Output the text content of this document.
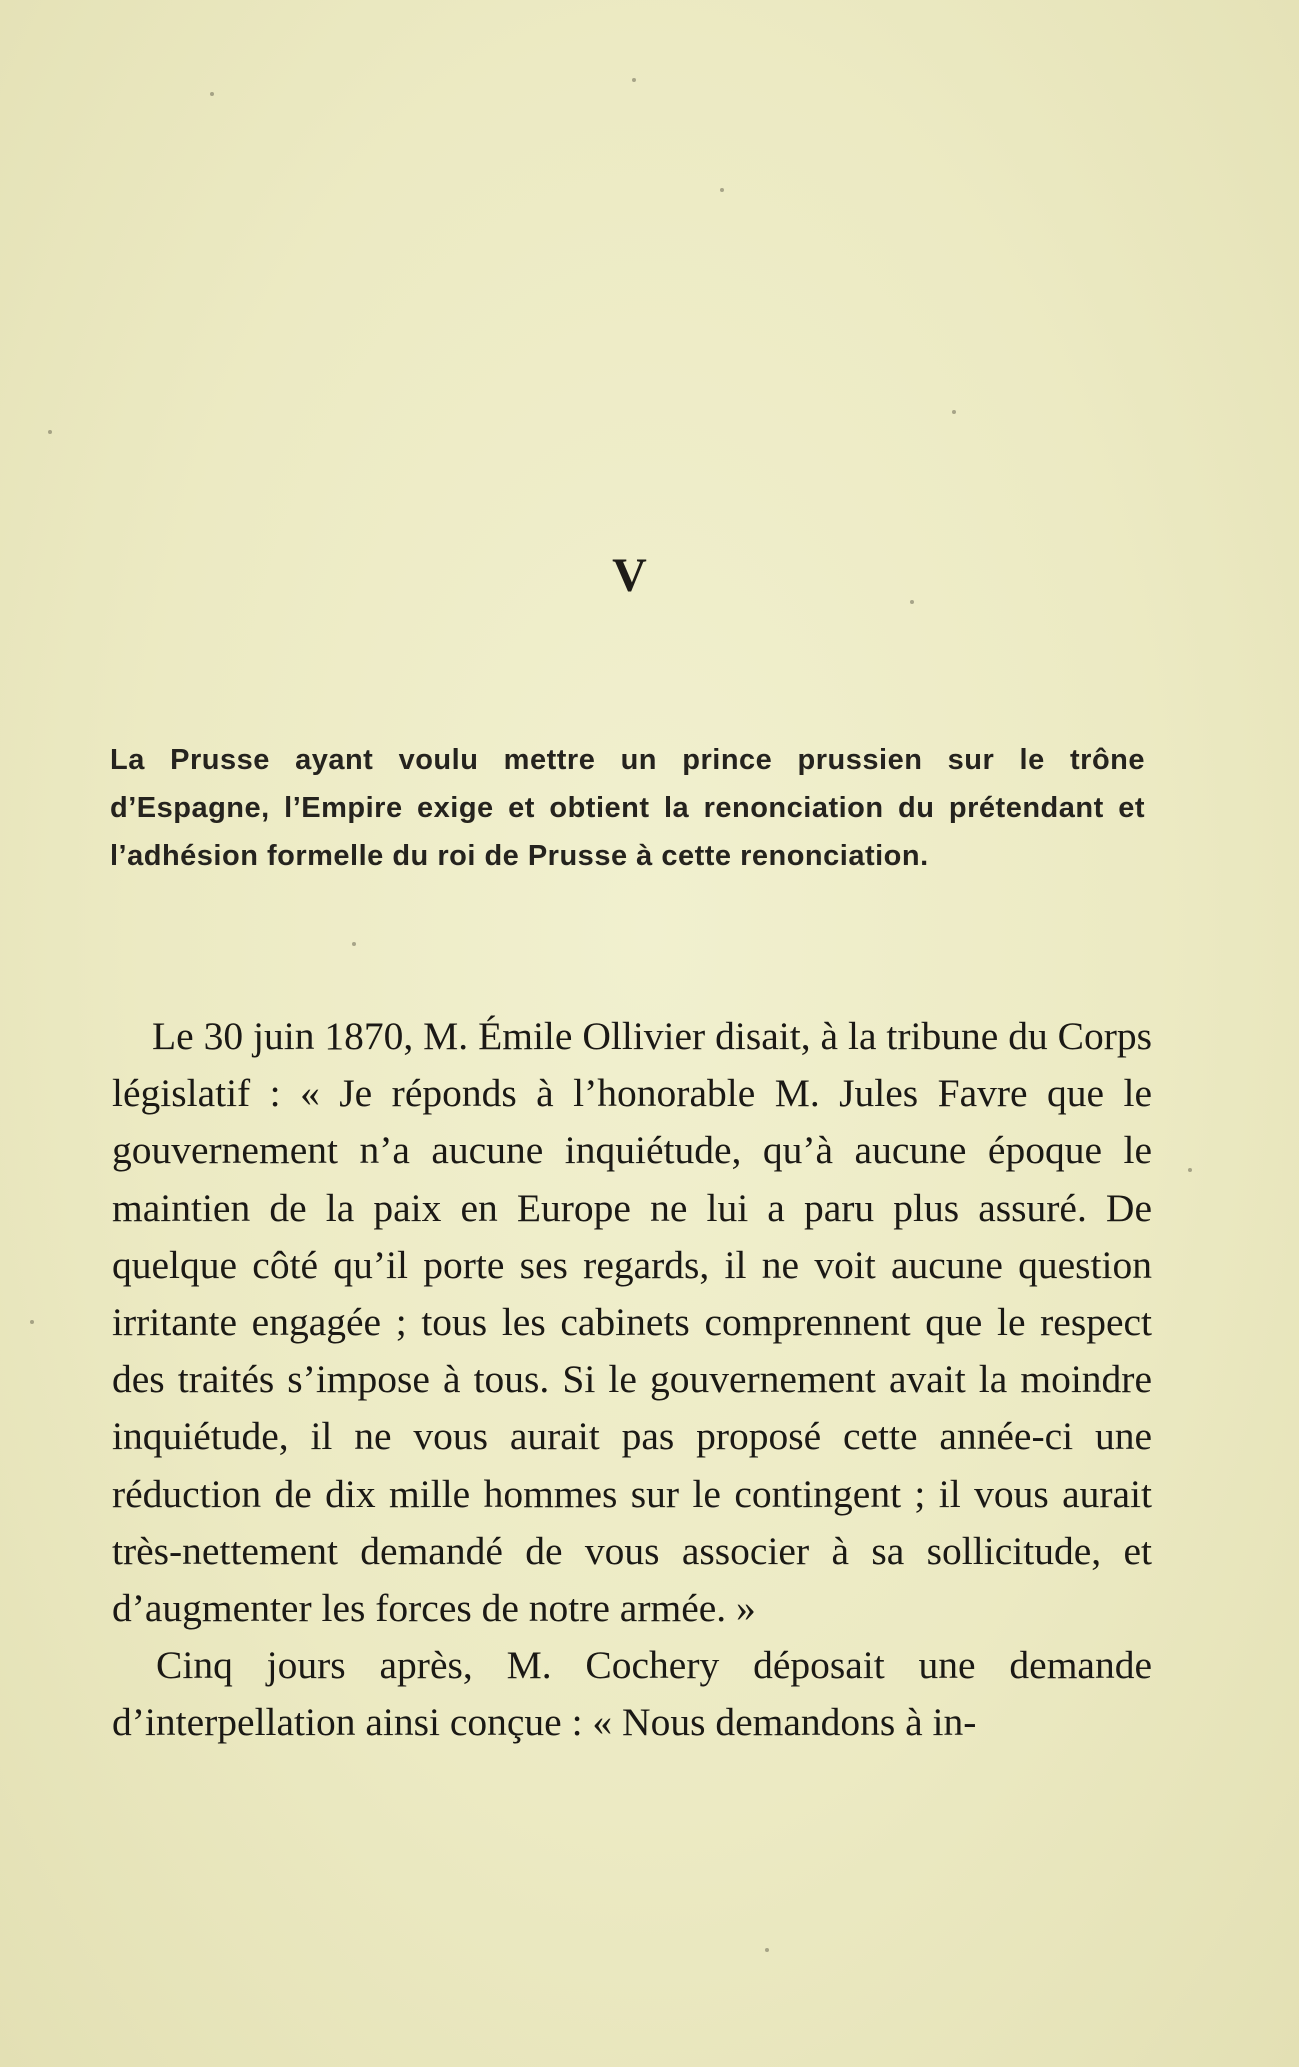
V
La Prusse ayant voulu mettre un prince prussien sur le trône d’Espagne, l’Empire exige et obtient la renonciation du prétendant et l’adhésion formelle du roi de Prusse à cette renonciation.

Le 30 juin 1870, M. Émile Ollivier disait, à la tribune du Corps législatif : « Je réponds à l’honorable M. Jules Favre que le gouvernement n’a aucune inquiétude, qu’à aucune époque le maintien de la paix en Europe ne lui a paru plus assuré. De quelque côté qu’il porte ses regards, il ne voit aucune question irritante engagée ; tous les cabinets comprennent que le respect des traités s’impose à tous. Si le gouvernement avait la moindre inquiétude, il ne vous aurait pas proposé cette année-ci une réduction de dix mille hommes sur le contingent ; il vous aurait très-nettement demandé de vous associer à sa sollicitude, et d’augmenter les forces de notre armée. »

Cinq jours après, M. Cochery déposait une demande d’interpellation ainsi conçue : « Nous demandons à in-
